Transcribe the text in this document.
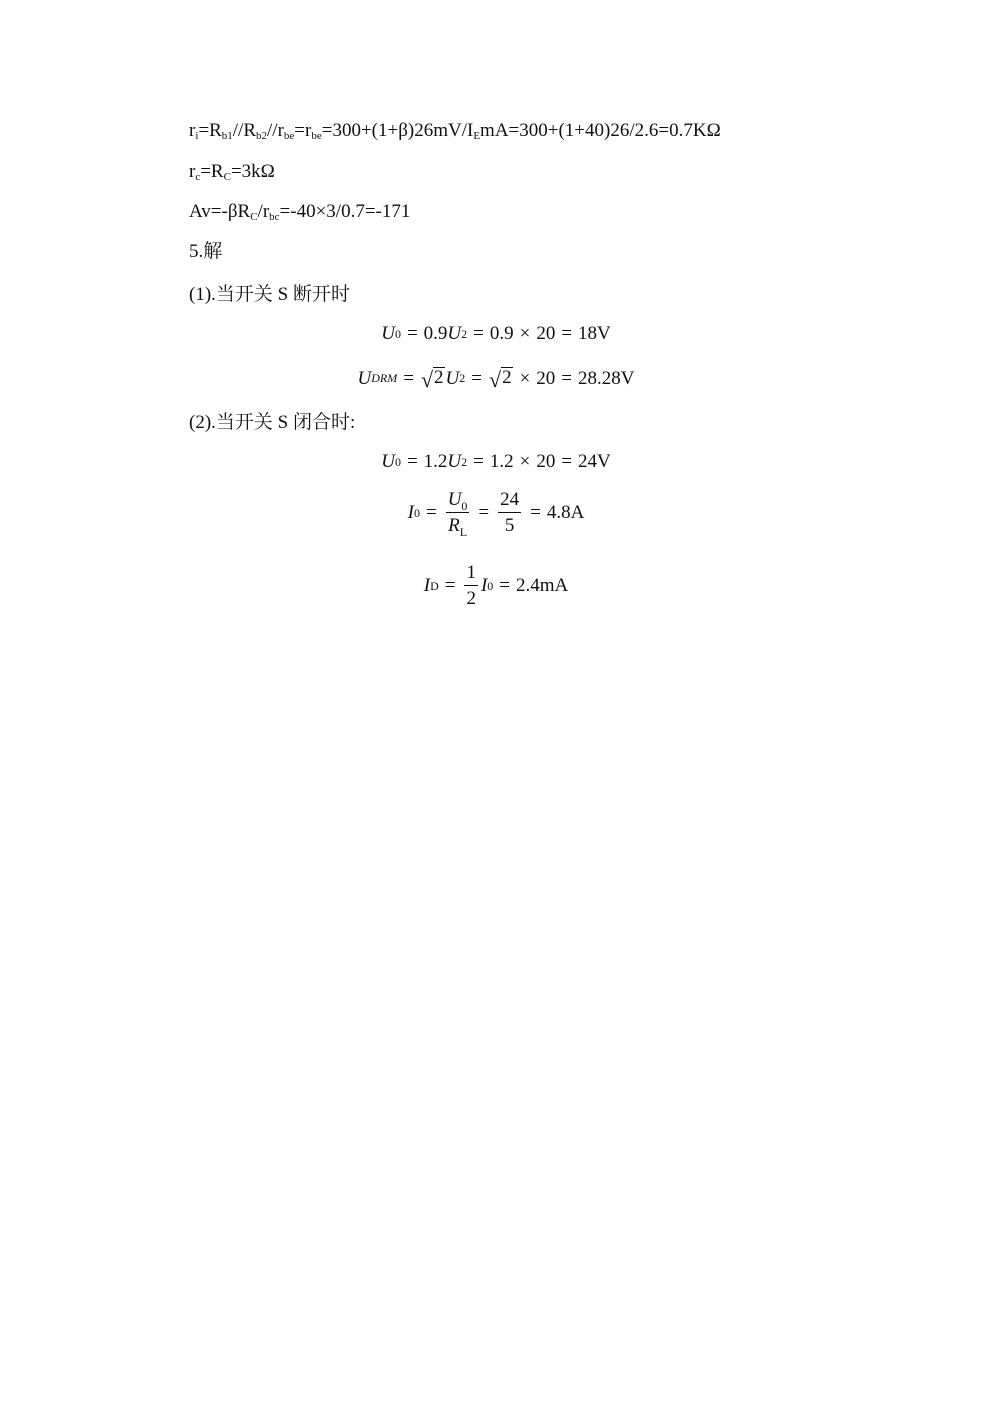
$r_i=R_{b1}//R_{b2}//r_{be}=r_{be}=300+(1+\beta)26mV/I_EmA=300+(1+40)26/2.6=0.7K\Omega$
$r_c=R_C=3k\Omega$
$Av=-\beta R_C/r_{bc}=-40\times 3/0.7=-171$
5.解
(1).当开关 S 断开时
U 0 = 0.9 U 2 = 0.9 × 20 = 18V
U DRM = √ 2 U 2 = √ 2 × 20 = 28.28V
(2).当开关 S 闭合时:
U 0 = 1.2 U 2 = 1.2 × 20 = 24V
I $0 = \frac{U_0}{R_L} = \frac{24}{5} = 4.8A$
I $D = \frac{1}{2}$ I 0 = 2.4mA
